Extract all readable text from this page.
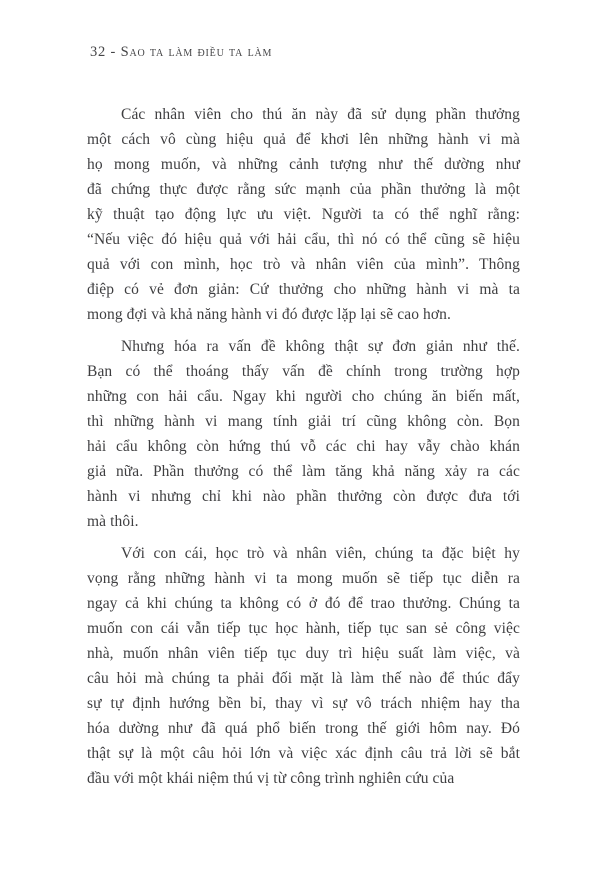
32 - Sao ta làm điều ta làm
Các nhân viên cho thú ăn này đã sử dụng phần thưởng
một cách vô cùng hiệu quả để khơi lên những hành vi mà
họ mong muốn, và những cảnh tượng như thế dường như
đã chứng thực được rằng sức mạnh của phần thưởng là một
kỹ thuật tạo động lực ưu việt. Người ta có thể nghĩ rằng:
“Nếu việc đó hiệu quả với hải cẩu, thì nó có thể cũng sẽ hiệu
quả với con mình, học trò và nhân viên của mình”. Thông
điệp có vẻ đơn giản: Cứ thưởng cho những hành vi mà ta
mong đợi và khả năng hành vi đó được lặp lại sẽ cao hơn.
Nhưng hóa ra vấn đề không thật sự đơn giản như thế.
Bạn có thể thoáng thấy vấn đề chính trong trường hợp
những con hải cẩu. Ngay khi người cho chúng ăn biến mất,
thì những hành vi mang tính giải trí cũng không còn. Bọn
hải cẩu không còn hứng thú vỗ các chi hay vẫy chào khán
giả nữa. Phần thưởng có thể làm tăng khả năng xảy ra các
hành vi nhưng chỉ khi nào phần thưởng còn được đưa tới
mà thôi.
Với con cái, học trò và nhân viên, chúng ta đặc biệt hy
vọng rằng những hành vi ta mong muốn sẽ tiếp tục diễn ra
ngay cả khi chúng ta không có ở đó để trao thưởng. Chúng ta
muốn con cái vẫn tiếp tục học hành, tiếp tục san sẻ công việc
nhà, muốn nhân viên tiếp tục duy trì hiệu suất làm việc, và
câu hỏi mà chúng ta phải đối mặt là làm thế nào để thúc đẩy
sự tự định hướng bền bỉ, thay vì sự vô trách nhiệm hay tha
hóa dường như đã quá phổ biến trong thế giới hôm nay. Đó
thật sự là một câu hỏi lớn và việc xác định câu trả lời sẽ bắt
đầu với một khái niệm thú vị từ công trình nghiên cứu của
